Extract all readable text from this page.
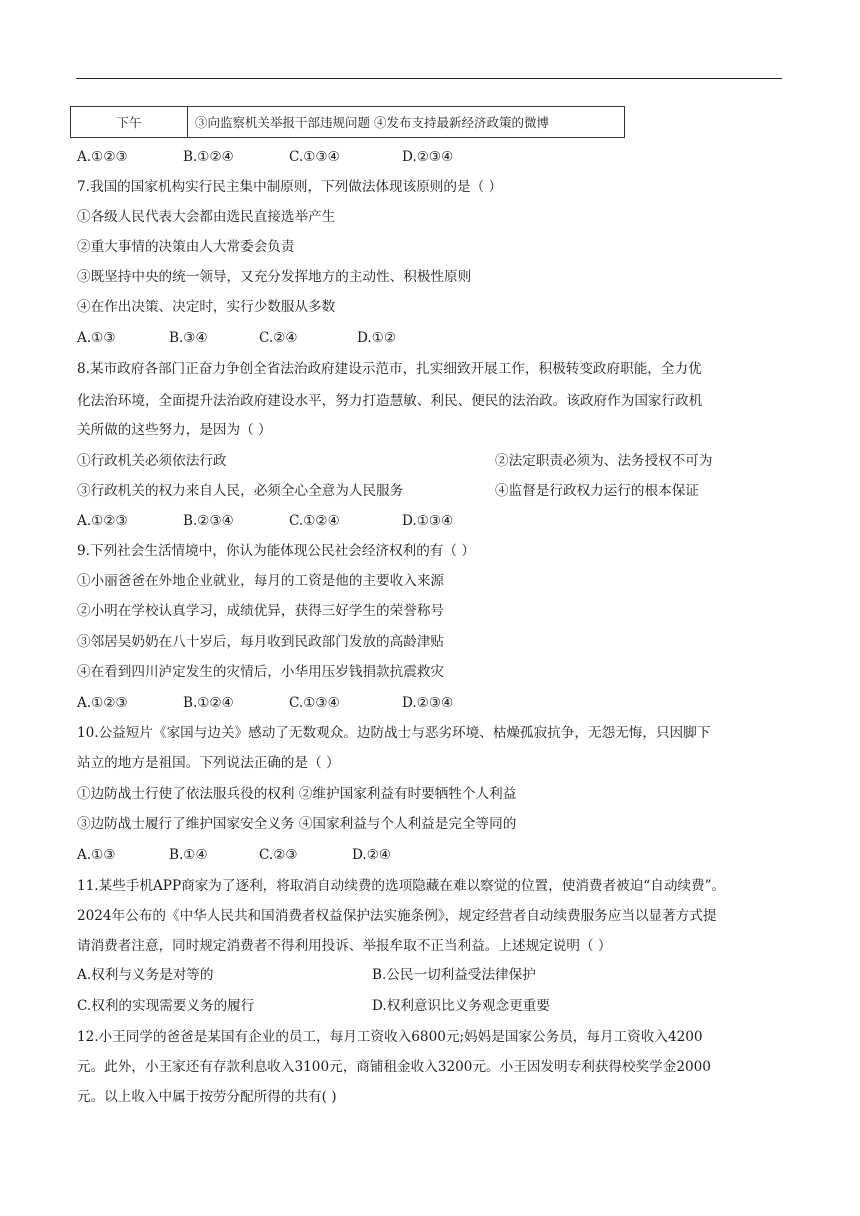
下午	③向监察机关举报干部违规问题 ④发布支持最新经济政策的微博
A.①②③	B.①②④	C.①③④	D.②③④
7.我国的国家机构实行民主集中制原则，下列做法体现该原则的是（ ）
①各级人民代表大会都由选民直接选举产生
②重大事情的决策由人大常委会负责
③既坚持中央的统一领导，又充分发挥地方的主动性、积极性原则
④在作出决策、决定时，实行少数服从多数
A.①③	B.③④	C.②④	D.①②
8.某市政府各部门正奋力争创全省法治政府建设示范市，扎实细致开展工作，积极转变政府职能，全力优
化法治环境，全面提升法治政府建设水平，努力打造慧敏、利民、便民的法治政。该政府作为国家行政机
关所做的这些努力，是因为（ ）
①行政机关必须依法行政	②法定职责必须为、法务授权不可为
③行政机关的权力来自人民，必须全心全意为人民服务	④监督是行政权力运行的根本保证
A.①②③	B.②③④	C.①②④	D.①③④
9.下列社会生活情境中，你认为能体现公民社会经济权利的有（ ）
①小丽爸爸在外地企业就业，每月的工资是他的主要收入来源
②小明在学校认真学习，成绩优异，获得三好学生的荣誉称号
③邻居吴奶奶在八十岁后，每月收到民政部门发放的高龄津贴
④在看到四川泸定发生的灾情后，小华用压岁钱捐款抗震救灾
A.①②③	B.①②④	C.①③④	D.②③④
10.公益短片《家国与边关》感动了无数观众。边防战士与恶劣环境、枯燥孤寂抗争，无怨无悔，只因脚下
站立的地方是祖国。下列说法正确的是（ ）
①边防战士行使了依法服兵役的权利 ②维护国家利益有时要牺牲个人利益
③边防战士履行了维护国家安全义务 ④国家利益与个人利益是完全等同的
A.①③	B.①④	C.②③	D.②④
11.某些手机APP商家为了逐利，将取消自动续费的选项隐藏在难以察觉的位置，使消费者被迫“自动续费”。
2024年公布的《中华人民共和国消费者权益保护法实施条例》，规定经营者自动续费服务应当以显著方式提
请消费者注意，同时规定消费者不得利用投诉、举报牟取不正当利益。上述规定说明（ ）
A.权利与义务是对等的	B.公民一切利益受法律保护
C.权利的实现需要义务的履行	D.权利意识比义务观念更重要
12.小王同学的爸爸是某国有企业的员工，每月工资收入6800元;妈妈是国家公务员，每月工资收入4200
元。此外，小王家还有存款利息收入3100元，商铺租金收入3200元。小王因发明专利获得校奖学金2000
元。以上收入中属于按劳分配所得的共有( )
